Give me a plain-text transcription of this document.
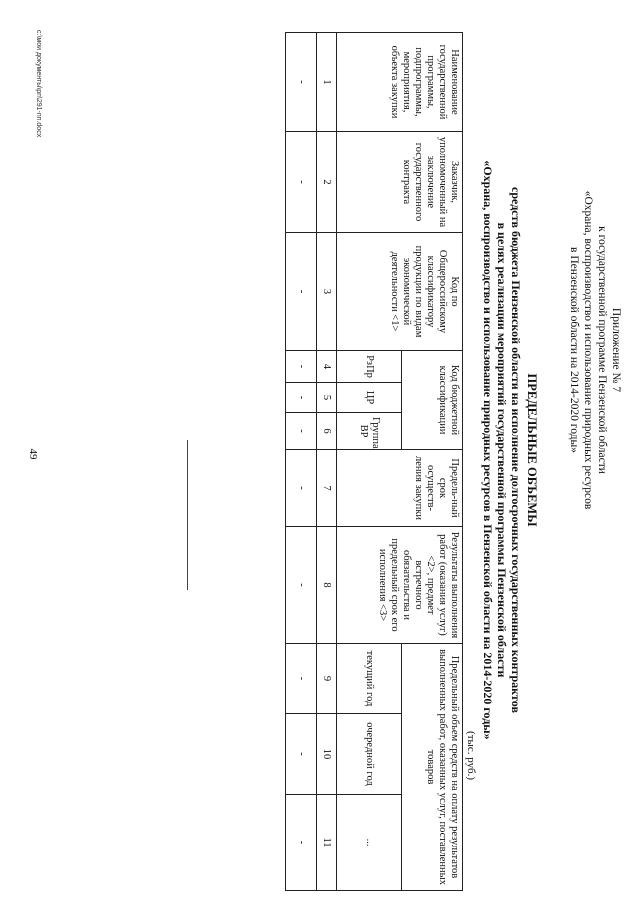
49
Приложение № 7
к государственной программе Пензенской области
«Охрана, воспроизводство и использование природных ресурсов
в Пензенской области на 2014-2020 годы»
ПРЕДЕЛЬНЫЕ ОБЪЕМЫ
средств бюджета Пензенской области на исполнение долгосрочных государственных контрактов
в целях реализации мероприятий государственной программы Пензенской области
«Охрана, воспроизводство и использование природных ресурсов в Пензенской области на 2014-2020 годы»
(тыс. руб.)
Наименование государственной программы, подпрограммы, мероприятия, объекта закупки	Заказчик, уполномоченный на заключение государственного контракта	Код по Общероссийскому классификатору продукции по видам экономической деятельности <1>	Код бюджетной классификации			Предель-ный срок осуществ-ления закупки	Результаты выполнения работ (оказания услуг) <2>, предмет встречного обязательства и предельный срок его исполнения <3>	Предельный объем средств на оплату результатов выполненных работ, оказанных услуг, поставленных товаров		
								текущий год	очередной год	...
			РзПр	ЦР	Группа ВР					
1	2	3	4	5	6	7	8	9	10	11
-	-	-	-	-	-	-	-	-	-	-
c:\мои документы\рп\291-пп.docx
